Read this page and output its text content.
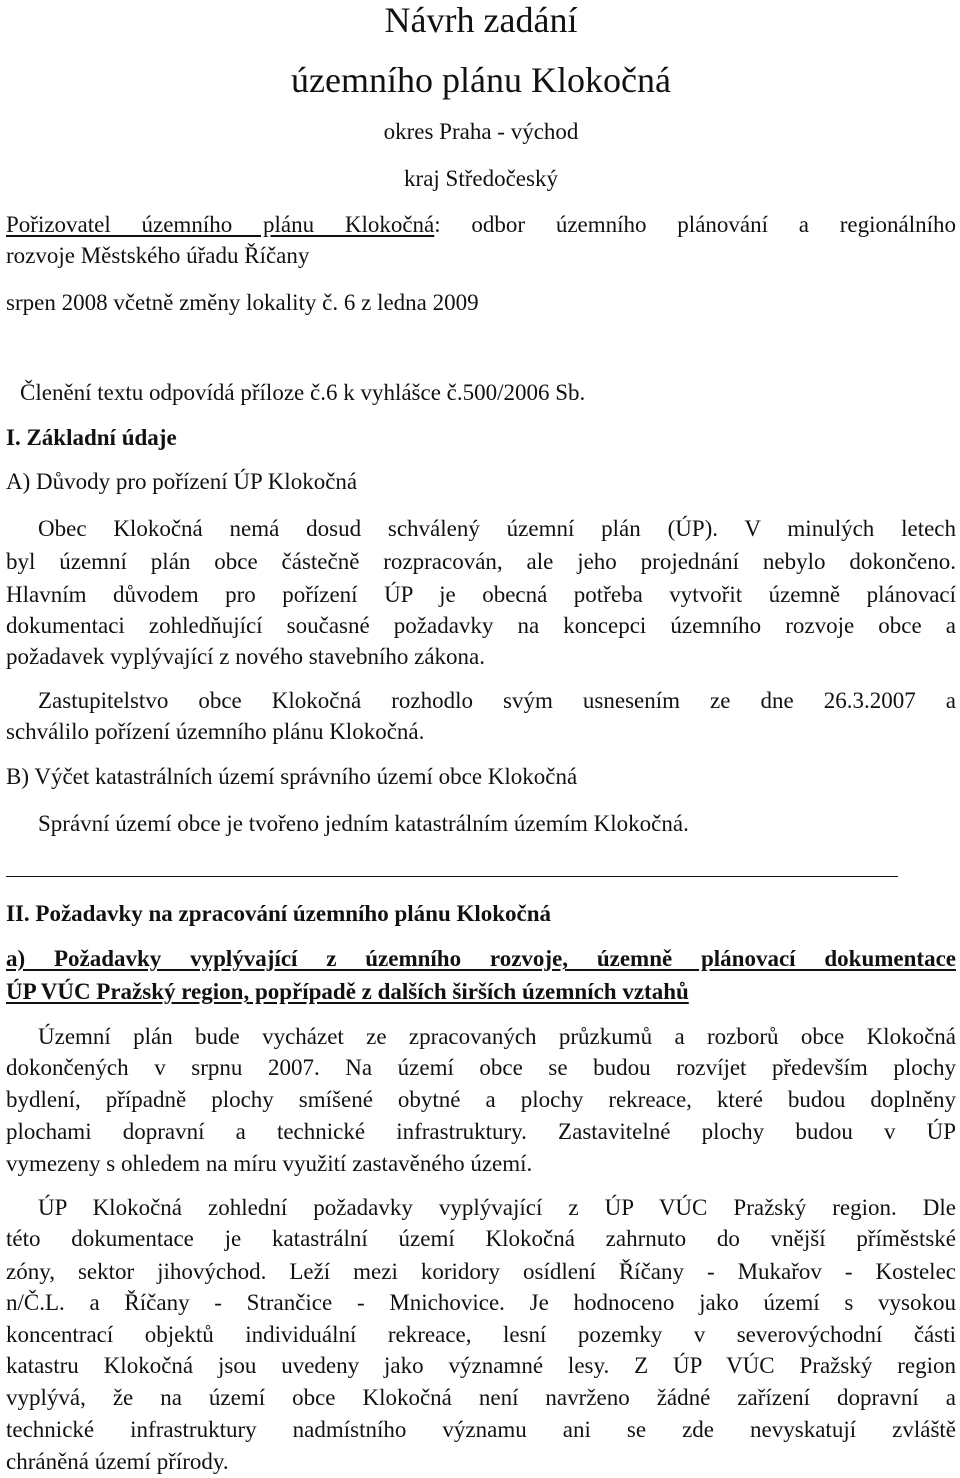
Návrh zadání
územního plánu Klokočná
okres Praha - východ
kraj Středočeský
Pořizovatel územního plánu Klokočná: odbor územního plánování a regionálního
rozvoje Městského úřadu Říčany
srpen 2008 včetně změny lokality č. 6 z ledna 2009
Členění textu odpovídá příloze č.6 k vyhlášce č.500/2006 Sb.
I. Základní údaje
A) Důvody pro pořízení ÚP Klokočná
Obec Klokočná nemá dosud schválený územní plán (ÚP). V minulých letech
byl územní plán obce částečně rozpracován, ale jeho projednání nebylo dokončeno.
Hlavním důvodem pro pořízení ÚP je obecná potřeba vytvořit územně plánovací
dokumentaci zohledňující současné požadavky na koncepci územního rozvoje obce a
požadavek vyplývající z nového stavebního zákona.
Zastupitelstvo obce Klokočná rozhodlo svým usnesením ze dne 26.3.2007 a
schválilo pořízení územního plánu Klokočná.
B) Výčet katastrálních území správního území obce Klokočná
Správní území obce je tvořeno jedním katastrálním územím Klokočná.
II. Požadavky na zpracování územního plánu Klokočná
a) Požadavky vyplývající z územního rozvoje, územně plánovací dokumentace
ÚP VÚC Pražský region, popřípadě z dalších širších územních vztahů
Územní plán bude vycházet ze zpracovaných průzkumů a rozborů obce Klokočná
dokončených v srpnu 2007. Na území obce se budou rozvíjet především plochy
bydlení, případně plochy smíšené obytné a plochy rekreace, které budou doplněny
plochami dopravní a technické infrastruktury. Zastavitelné plochy budou v ÚP
vymezeny s ohledem na míru využití zastavěného území.
ÚP Klokočná zohlední požadavky vyplývající z ÚP VÚC Pražský region. Dle
této dokumentace je katastrální území Klokočná zahrnuto do vnější příměstské
zóny, sektor jihovýchod. Leží mezi koridory osídlení Říčany - Mukařov - Kostelec
n/Č.L. a Říčany - Strančice - Mnichovice. Je hodnoceno jako území s vysokou
koncentrací objektů individuální rekreace, lesní pozemky v severovýchodní části
katastru Klokočná jsou uvedeny jako významné lesy. Z ÚP VÚC Pražský region
vyplývá, že na území obce Klokočná není navrženo žádné zařízení dopravní a
technické infrastruktury nadmístního významu ani se zde nevyskatují zvláště
chráněná území přírody.
